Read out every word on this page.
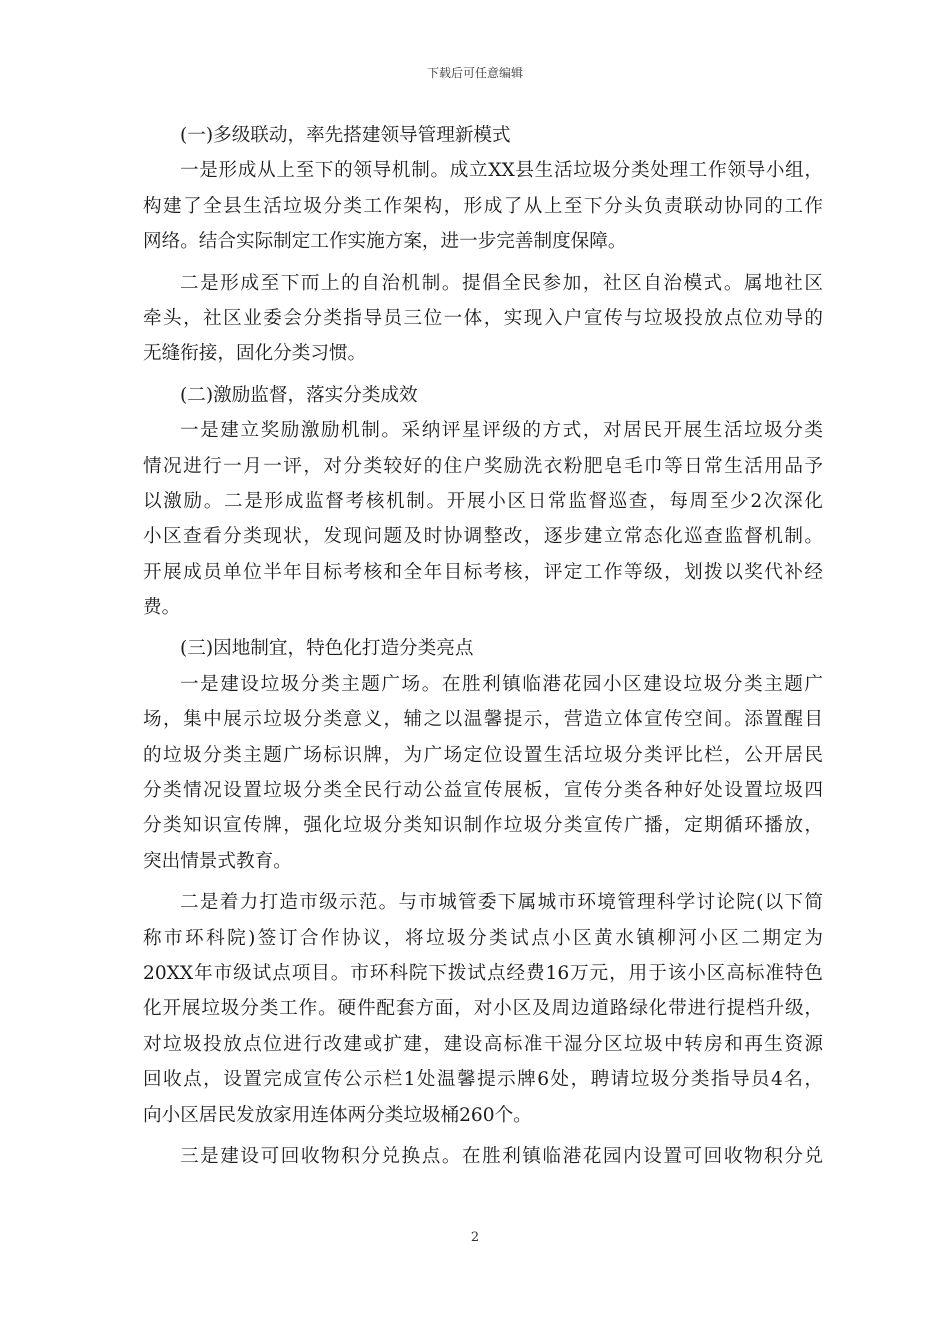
下载后可任意编辑
(一)多级联动，率先搭建领导管理新模式
一是形成从上至下的领导机制。成立XX县生活垃圾分类处理工作领导小组，
构建了全县生活垃圾分类工作架构，形成了从上至下分头负责联动协同的工作
网络。结合实际制定工作实施方案，进一步完善制度保障。
二是形成至下而上的自治机制。提倡全民参加，社区自治模式。属地社区
牵头，社区业委会分类指导员三位一体，实现入户宣传与垃圾投放点位劝导的
无缝衔接，固化分类习惯。
(二)激励监督，落实分类成效
一是建立奖励激励机制。采纳评星评级的方式，对居民开展生活垃圾分类
情况进行一月一评，对分类较好的住户奖励洗衣粉肥皂毛巾等日常生活用品予
以激励。二是形成监督考核机制。开展小区日常监督巡查，每周至少2次深化
小区查看分类现状，发现问题及时协调整改，逐步建立常态化巡查监督机制。
开展成员单位半年目标考核和全年目标考核，评定工作等级，划拨以奖代补经
费。
(三)因地制宜，特色化打造分类亮点
一是建设垃圾分类主题广场。在胜利镇临港花园小区建设垃圾分类主题广
场，集中展示垃圾分类意义，辅之以温馨提示，营造立体宣传空间。添置醒目
的垃圾分类主题广场标识牌，为广场定位设置生活垃圾分类评比栏，公开居民
分类情况设置垃圾分类全民行动公益宣传展板，宣传分类各种好处设置垃圾四
分类知识宣传牌，强化垃圾分类知识制作垃圾分类宣传广播，定期循环播放，
突出情景式教育。
二是着力打造市级示范。与市城管委下属城市环境管理科学讨论院(以下简
称市环科院)签订合作协议，将垃圾分类试点小区黄水镇柳河小区二期定为
20XX年市级试点项目。市环科院下拨试点经费16万元，用于该小区高标准特色
化开展垃圾分类工作。硬件配套方面，对小区及周边道路绿化带进行提档升级，
对垃圾投放点位进行改建或扩建，建设高标准干湿分区垃圾中转房和再生资源
回收点，设置完成宣传公示栏1处温馨提示牌6处，聘请垃圾分类指导员4名，
向小区居民发放家用连体两分类垃圾桶260个。
三是建设可回收物积分兑换点。在胜利镇临港花园内设置可回收物积分兑
2
